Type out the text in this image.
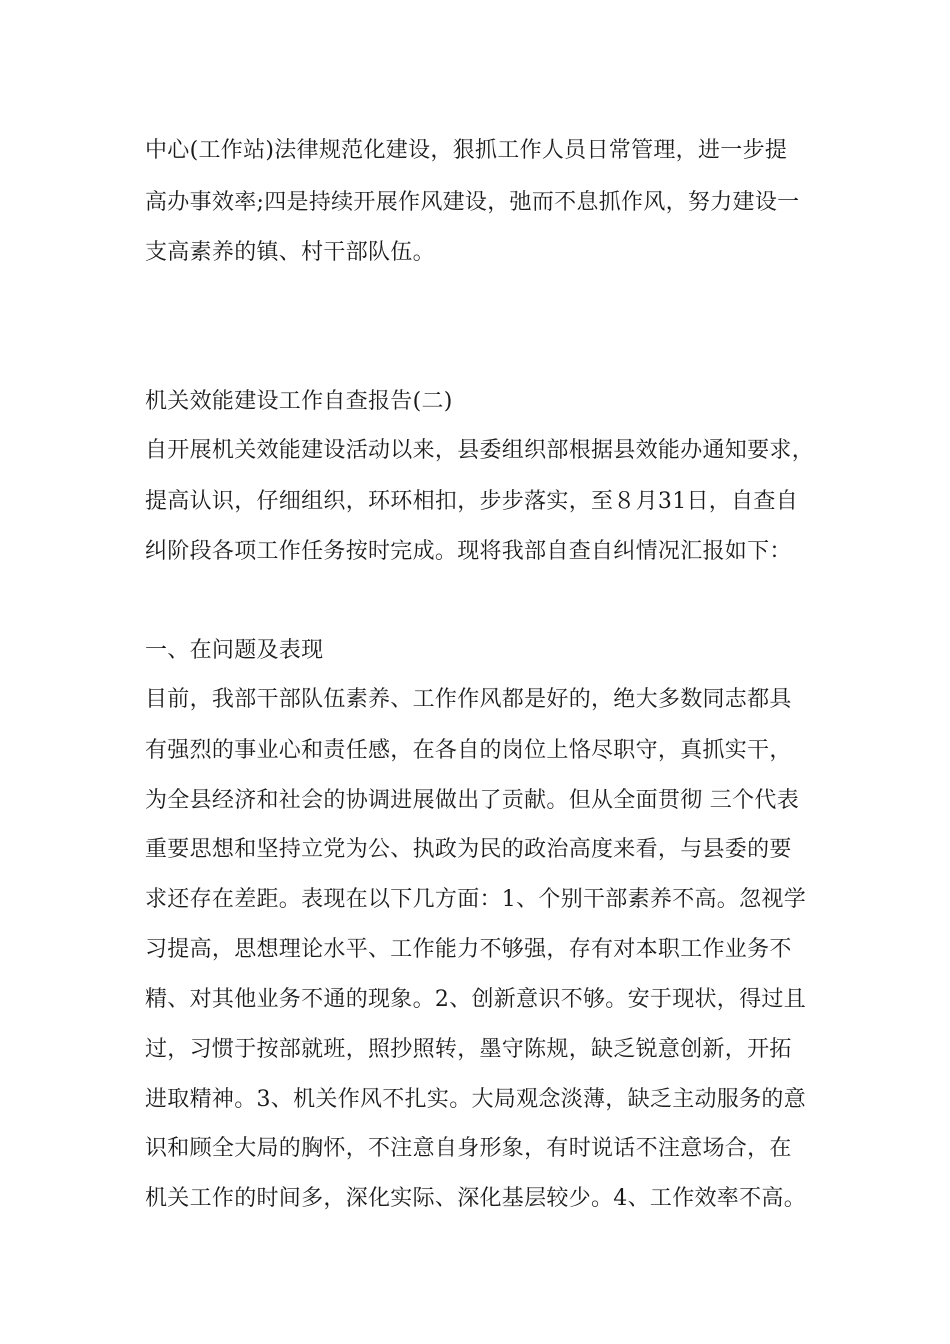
中心(工作站)法律规范化建设，狠抓工作人员日常管理，进一步提
高办事效率;四是持续开展作风建设，弛而不息抓作风，努力建设一
支高素养的镇、村干部队伍。
机关效能建设工作自查报告(二)
自开展机关效能建设活动以来，县委组织部根据县效能办通知要求，
提高认识，仔细组织，环环相扣，步步落实，至８月31日，自查自
纠阶段各项工作任务按时完成。现将我部自查自纠情况汇报如下：
一、在问题及表现
目前，我部干部队伍素养、工作作风都是好的，绝大多数同志都具
有强烈的事业心和责任感，在各自的岗位上恪尽职守，真抓实干，
为全县经济和社会的协调进展做出了贡献。但从全面贯彻 三个代表
重要思想和坚持立党为公、执政为民的政治高度来看，与县委的要
求还存在差距。表现在以下几方面：1、个别干部素养不高。忽视学
习提高，思想理论水平、工作能力不够强，存有对本职工作业务不
精、对其他业务不通的现象。2、创新意识不够。安于现状，得过且
过，习惯于按部就班，照抄照转，墨守陈规，缺乏锐意创新，开拓
进取精神。3、机关作风不扎实。大局观念淡薄，缺乏主动服务的意
识和顾全大局的胸怀，不注意自身形象，有时说话不注意场合，在
机关工作的时间多，深化实际、深化基层较少。4、工作效率不高。
